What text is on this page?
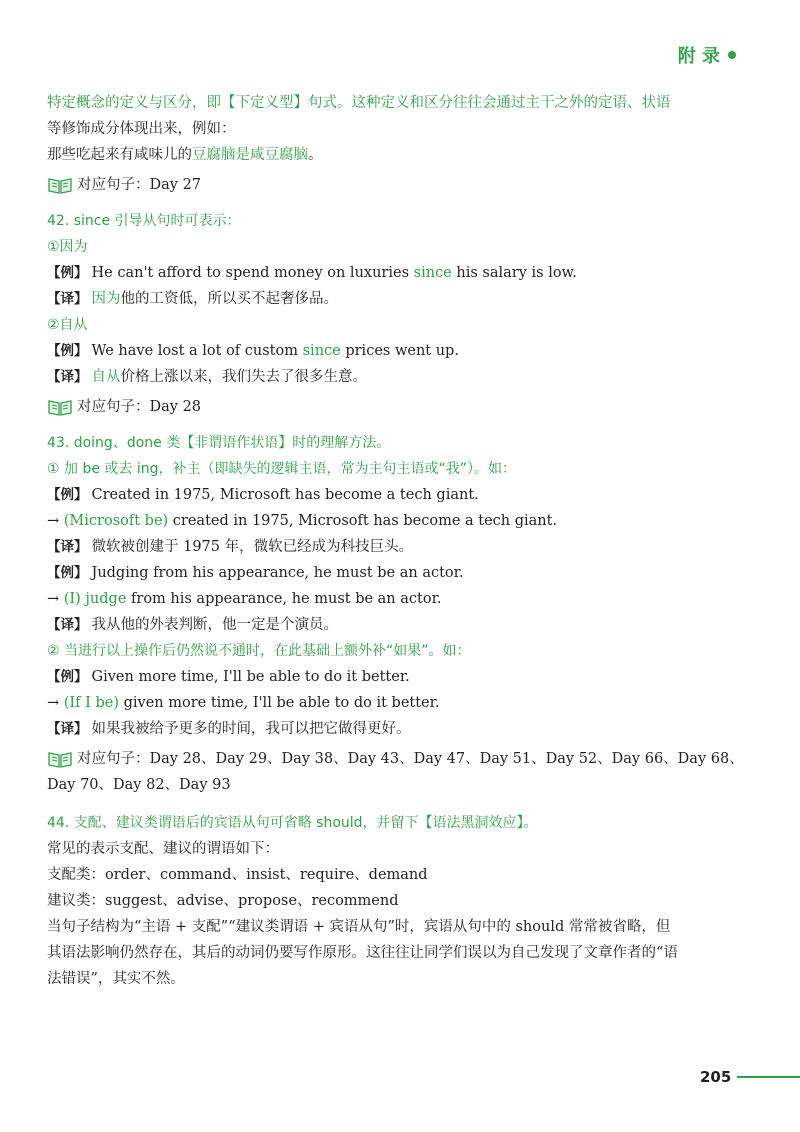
附 录

特定概念的定义与区分，即【下定义型】句式。这种定义和区分往往会通过主干之外的定语、状语

等修饰成分体现出来，例如：

那些吃起来有咸味儿的豆腐脑是咸豆腐脑。

对应句子：Day 27

42. since 引导从句时可表示：

①因为

【例】 He can't afford to spend money on luxuries since his salary is low.

【译】 因为他的工资低，所以买不起奢侈品。

②自从

【例】 We have lost a lot of custom since prices went up.

【译】 自从价格上涨以来，我们失去了很多生意。

对应句子：Day 28

43. doing、done 类【非谓语作状语】时的理解方法。

① 加 be 或去 ing，补主（即缺失的逻辑主语，常为主句主语或“我”）。如：

【例】 Created in 1975, Microsoft has become a tech giant.

→ (Microsoft be) created in 1975, Microsoft has become a tech giant.

【译】 微软被创建于 1975 年，微软已经成为科技巨头。

【例】 Judging from his appearance, he must be an actor.

→ (I) judge from his appearance, he must be an actor.

【译】 我从他的外表判断，他一定是个演员。

② 当进行以上操作后仍然说不通时，在此基础上额外补“如果”。如：

【例】 Given more time, I'll be able to do it better.

→ (If I be) given more time, I'll be able to do it better.

【译】 如果我被给予更多的时间，我可以把它做得更好。

对应句子：Day 28、Day 29、Day 38、Day 43、Day 47、Day 51、Day 52、Day 66、Day 68、

Day 70、Day 82、Day 93

44. 支配、建议类谓语后的宾语从句可省略 should，并留下【语法黑洞效应】。

常见的表示支配、建议的谓语如下：

支配类：order、command、insist、require、demand

建议类：suggest、advise、propose、recommend

当句子结构为“主语 + 支配”“建议类谓语 + 宾语从句”时，宾语从句中的 should 常常被省略，但

其语法影响仍然存在，其后的动词仍要写作原形。这往往让同学们误以为自己发现了文章作者的“语

法错误”，其实不然。

205
